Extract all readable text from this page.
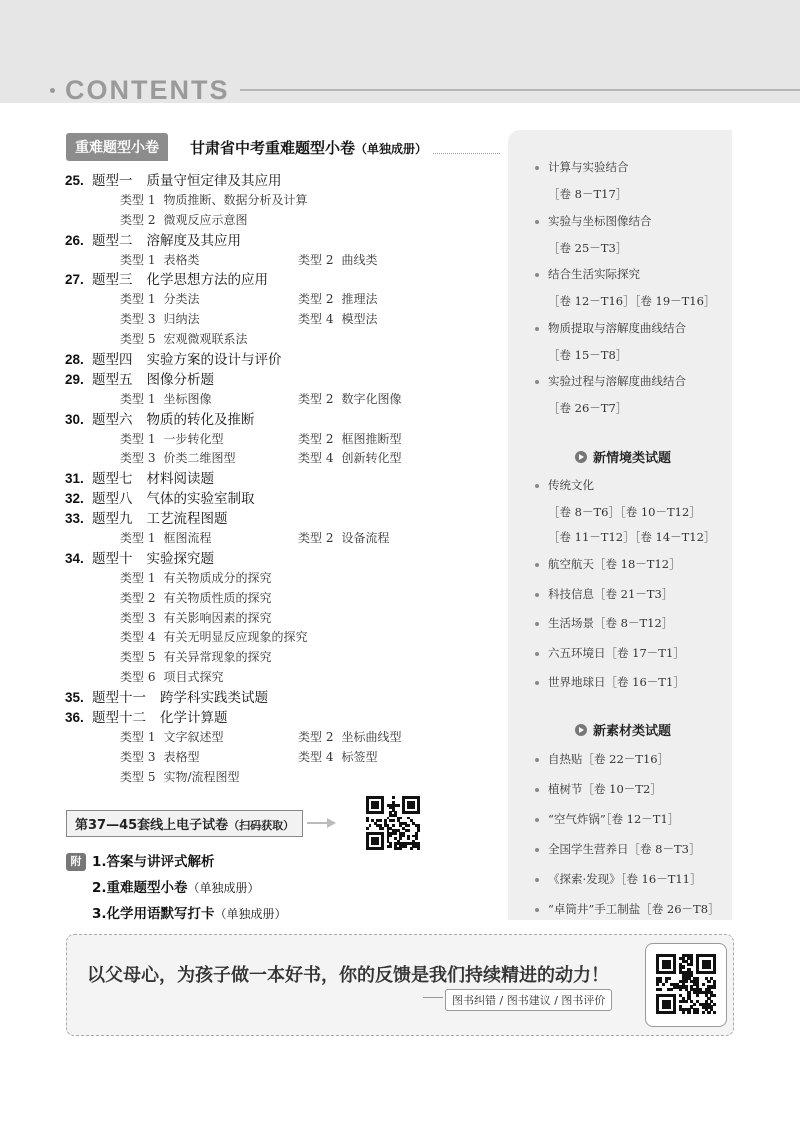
CONTENTS
重难题型小卷	甘肃省中考重难题型小卷（单独成册）
25. 题型一 质量守恒定律及其应用
类型 1 物质推断、数据分析及计算
类型 2 微观反应示意图
26. 题型二 溶解度及其应用
类型 1 表格类	类型 2 曲线类
27. 题型三 化学思想方法的应用
类型 1 分类法	类型 2 推理法
类型 3 归纳法	类型 4 模型法
类型 5 宏观微观联系法
28. 题型四 实验方案的设计与评价
29. 题型五 图像分析题
类型 1 坐标图像	类型 2 数字化图像
30. 题型六 物质的转化及推断
类型 1 一步转化型	类型 2 框图推断型
类型 3 价类二维图型	类型 4 创新转化型
31. 题型七 材料阅读题
32. 题型八 气体的实验室制取
33. 题型九 工艺流程图题
类型 1 框图流程	类型 2 设备流程
34. 题型十 实验探究题
类型 1 有关物质成分的探究
类型 2 有关物质性质的探究
类型 3 有关影响因素的探究
类型 4 有关无明显反应现象的探究
类型 5 有关异常现象的探究
类型 6 项目式探究
35. 题型十一 跨学科实践类试题
36. 题型十二 化学计算题
类型 1 文字叙述型	类型 2 坐标曲线型
类型 3 表格型	类型 4 标签型
类型 5 实物/流程图型
第37—45套线上电子试卷（扫码获取）
附 1.答案与讲评式解析
2.重难题型小卷（单独成册）
3.化学用语默写打卡（单独成册）
计算与实验结合
［卷 8－T17］
实验与坐标图像结合
［卷 25－T3］
结合生活实际探究
［卷 12－T16］［卷 19－T16］
物质提取与溶解度曲线结合
［卷 15－T8］
实验过程与溶解度曲线结合
［卷 26－T7］
新情境类试题
传统文化
［卷 8－T6］［卷 10－T12］
［卷 11－T12］［卷 14－T12］
航空航天［卷 18－T12］
科技信息［卷 21－T3］
生活场景［卷 8－T12］
六五环境日［卷 17－T1］
世界地球日［卷 16－T1］
新素材类试题
自热贴［卷 22－T16］
植树节［卷 10－T2］
“空气炸锅”［卷 12－T1］
全国学生营养日［卷 8－T3］
《探索·发现》［卷 16－T11］
“卓筒井”手工制盐［卷 26－T8］
以父母心，为孩子做一本好书，你的反馈是我们持续精进的动力！
图书纠错 / 图书建议 / 图书评价
